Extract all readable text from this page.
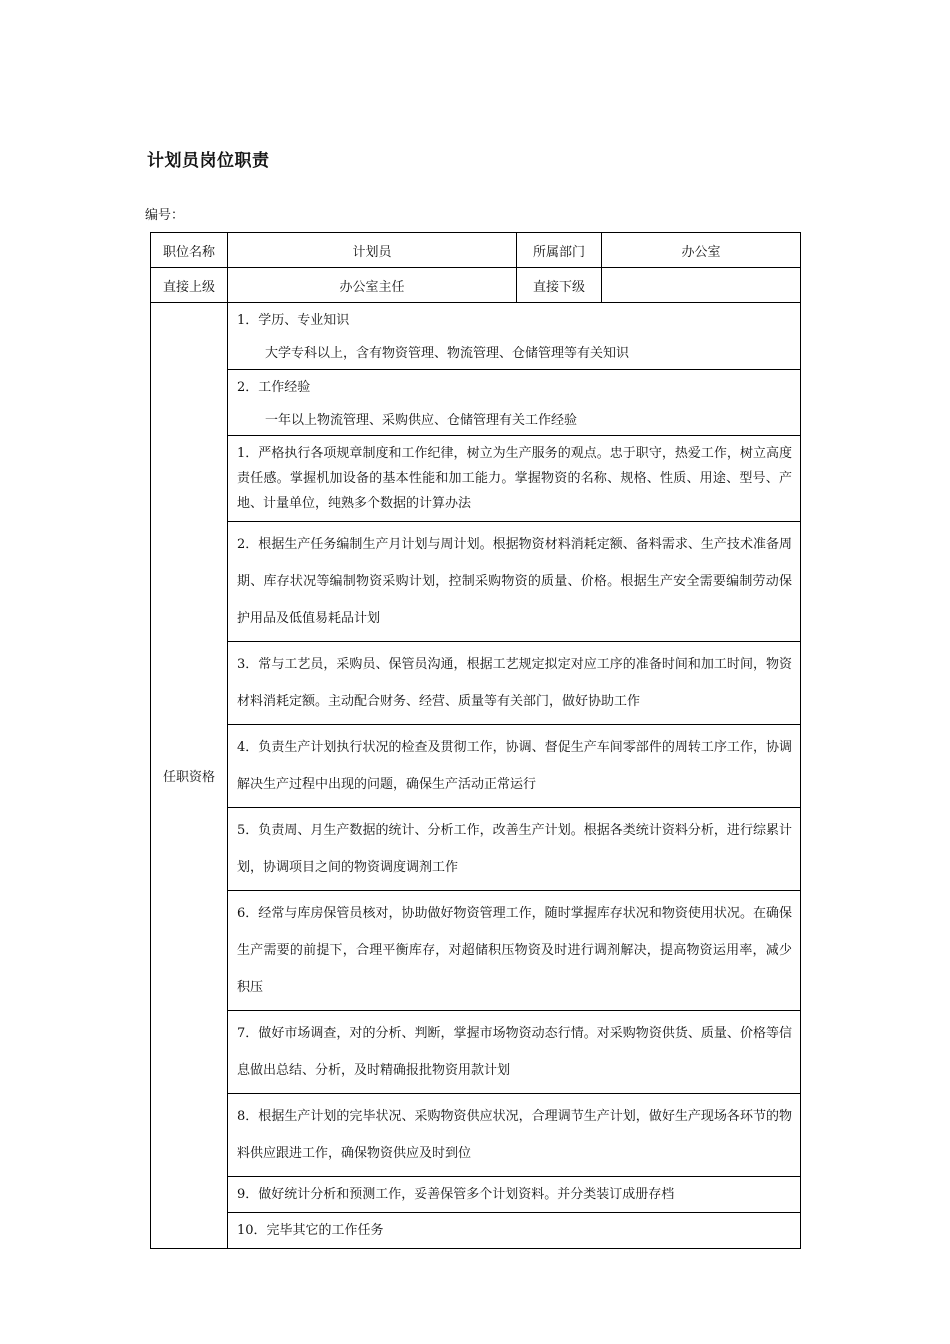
计划员岗位职责
编号：
职位名称	计划员	所属部门	办公室
直接上级	办公室主任	直接下级	
任职资格	1．学历、专业知识
大学专科以上，含有物资管理、物流管理、仓储管理等有关知识		

	2．工作经验
一年以上物流管理、采购供应、仓储管理有关工作经验		

	1．严格执行各项规章制度和工作纪律，树立为生产服务的观点。忠于职守，热爱工作，树立高度责任感。掌握机加设备的基本性能和加工能力。掌握物资的名称、规格、性质、用途、型号、产地、计量单位，纯熟多个数据的计算办法		

	2．根据生产任务编制生产月计划与周计划。根据物资材料消耗定额、备料需求、生产技术准备周期、库存状况等编制物资采购计划，控制采购物资的质量、价格。根据生产安全需要编制劳动保护用品及低值易耗品计划		

	3．常与工艺员，采购员、保管员沟通，根据工艺规定拟定对应工序的准备时间和加工时间，物资材料消耗定额。主动配合财务、经营、质量等有关部门，做好协助工作		

	4．负责生产计划执行状况的检查及贯彻工作，协调、督促生产车间零部件的周转工序工作，协调解决生产过程中出现的问题，确保生产活动正常运行		

	5．负责周、月生产数据的统计、分析工作，改善生产计划。根据各类统计资料分析，进行综累计划，协调项目之间的物资调度调剂工作		

	6．经常与库房保管员核对，协助做好物资管理工作，随时掌握库存状况和物资使用状况。在确保生产需要的前提下，合理平衡库存，对超储积压物资及时进行调剂解决，提高物资运用率，减少积压		

	7．做好市场调查，对的分析、判断，掌握市场物资动态行情。对采购物资供货、质量、价格等信息做出总结、分析，及时精确报批物资用款计划		

	8．根据生产计划的完毕状况、采购物资供应状况，合理调节生产计划，做好生产现场各环节的物料供应跟进工作，确保物资供应及时到位		

	9．做好统计分析和预测工作，妥善保管多个计划资料。并分类装订成册存档		

	10．完毕其它的工作任务		
